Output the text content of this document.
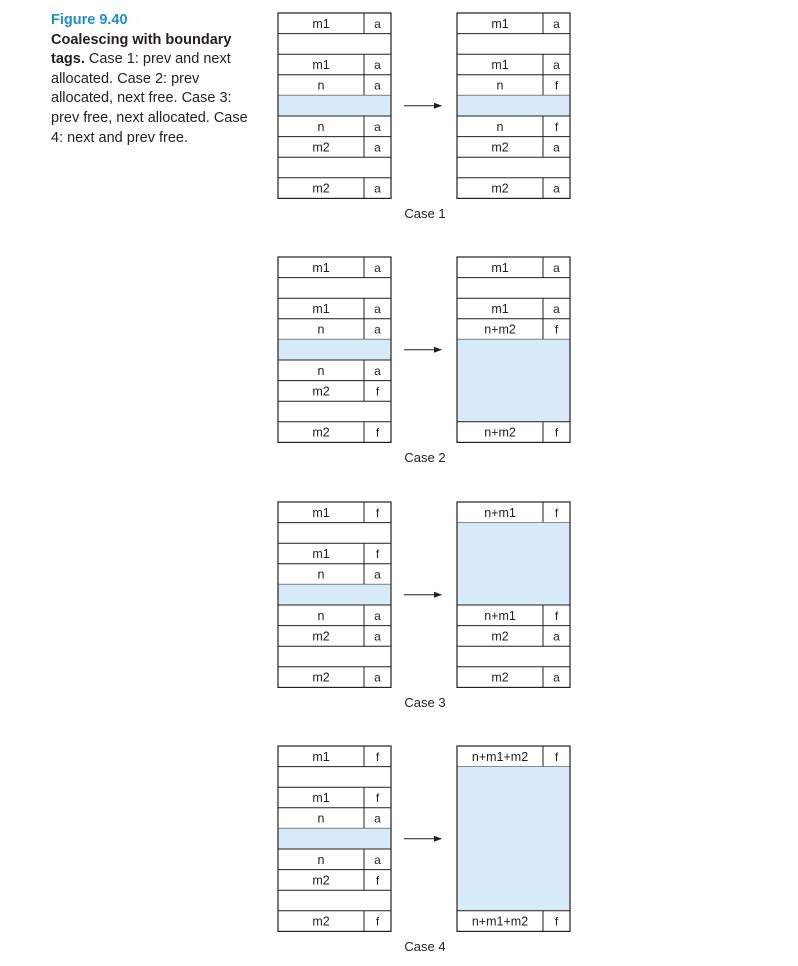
Figure 9.40
Coalescing with boundary tags. Case 1: prev and next allocated. Case 2: prev allocated, next free. Case 3: prev free, next allocated. Case 4: next and prev free.
m1	a
m1	a
n	a
n	a
m2	a
m2	a
m1	a
m1	a
n	f
n	f
m2	a
m2	a
Case 1
m1	a
m1	a
n	a
n	a
m2	f
m2	f
m1	a
m1	a
n+m2	f
n+m2	f
Case 2
m1	f
m1	f
n	a
n	a
m2	a
m2	a
n+m1	f
n+m1	f
m2	a
m2	a
Case 3
m1	f
m1	f
n	a
n	a
m2	f
m2	f
n+m1+m2 f
n+m1+m2 f
Case 4
